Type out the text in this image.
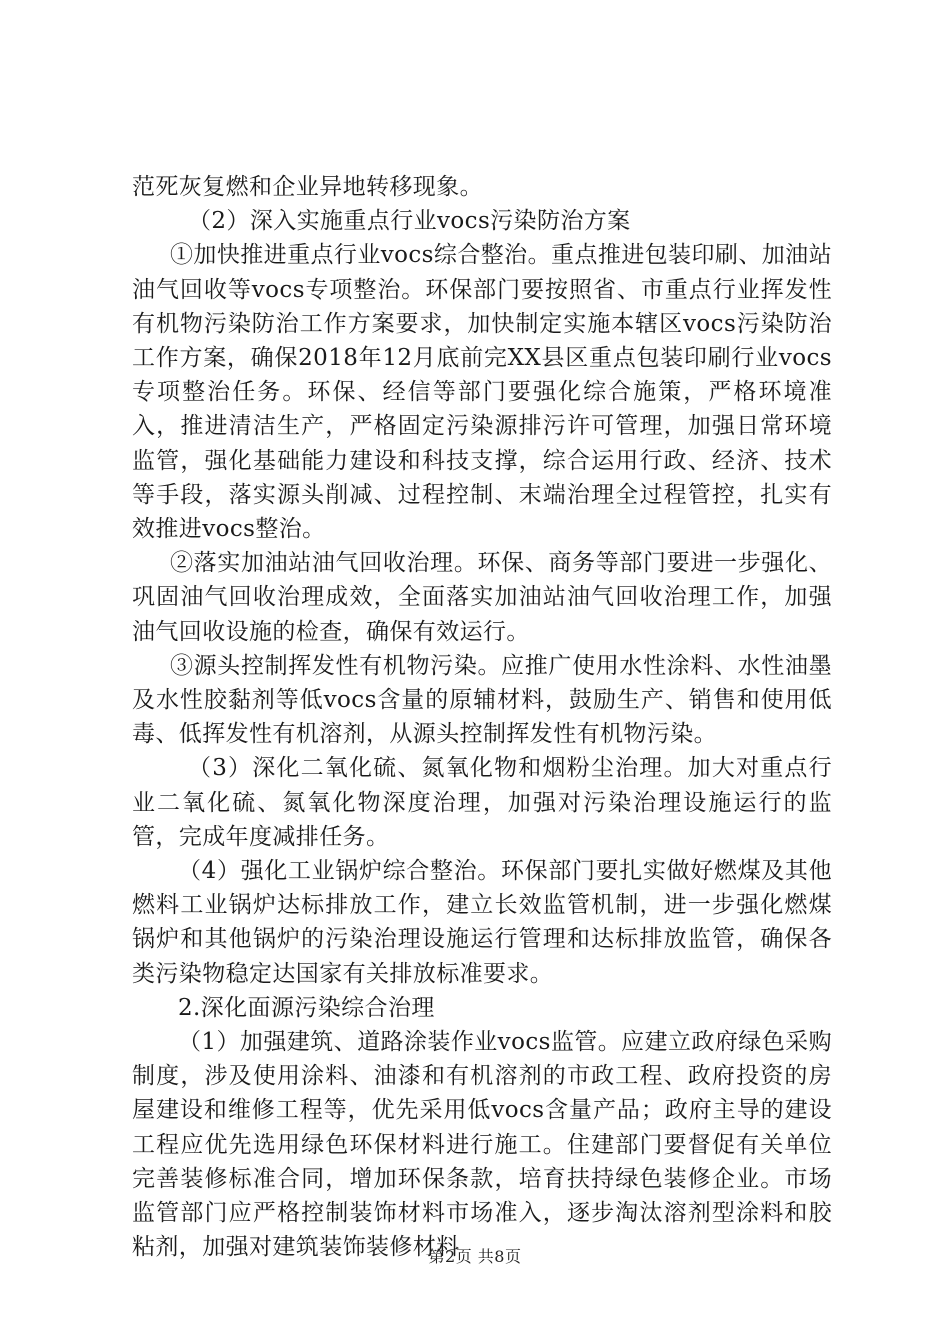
范死灰复燃和企业异地转移现象。

（2）深入实施重点行业vocs污染防治方案

①加快推进重点行业vocs综合整治。重点推进包装印刷、加油站油气回收等vocs专项整治。环保部门要按照省、市重点行业挥发性有机物污染防治工作方案要求，加快制定实施本辖区vocs污染防治工作方案，确保2018年12月底前完XX县区重点包装印刷行业vocs专项整治任务。环保、经信等部门要强化综合施策，严格环境准入，推进清洁生产，严格固定污染源排污许可管理，加强日常环境监管，强化基础能力建设和科技支撑，综合运用行政、经济、技术等手段，落实源头削减、过程控制、末端治理全过程管控，扎实有效推进vocs整治。

②落实加油站油气回收治理。环保、商务等部门要进一步强化、巩固油气回收治理成效，全面落实加油站油气回收治理工作，加强油气回收设施的检查，确保有效运行。

③源头控制挥发性有机物污染。应推广使用水性涂料、水性油墨及水性胶黏剂等低vocs含量的原辅材料，鼓励生产、销售和使用低毒、低挥发性有机溶剂，从源头控制挥发性有机物污染。

（3）深化二氧化硫、氮氧化物和烟粉尘治理。加大对重点行业二氧化硫、氮氧化物深度治理，加强对污染治理设施运行的监管，完成年度减排任务。

（4）强化工业锅炉综合整治。环保部门要扎实做好燃煤及其他燃料工业锅炉达标排放工作，建立长效监管机制，进一步强化燃煤锅炉和其他锅炉的污染治理设施运行管理和达标排放监管，确保各类污染物稳定达国家有关排放标准要求。

2.深化面源污染综合治理

（1）加强建筑、道路涂装作业vocs监管。应建立政府绿色采购制度，涉及使用涂料、油漆和有机溶剂的市政工程、政府投资的房屋建设和维修工程等，优先采用低vocs含量产品；政府主导的建设工程应优先选用绿色环保材料进行施工。住建部门要督促有关单位完善装修标准合同，增加环保条款，培育扶持绿色装修企业。市场监管部门应严格控制装饰材料市场准入，逐步淘汰溶剂型涂料和胶粘剂，加强对建筑装饰装修材料

第2页 共8页
